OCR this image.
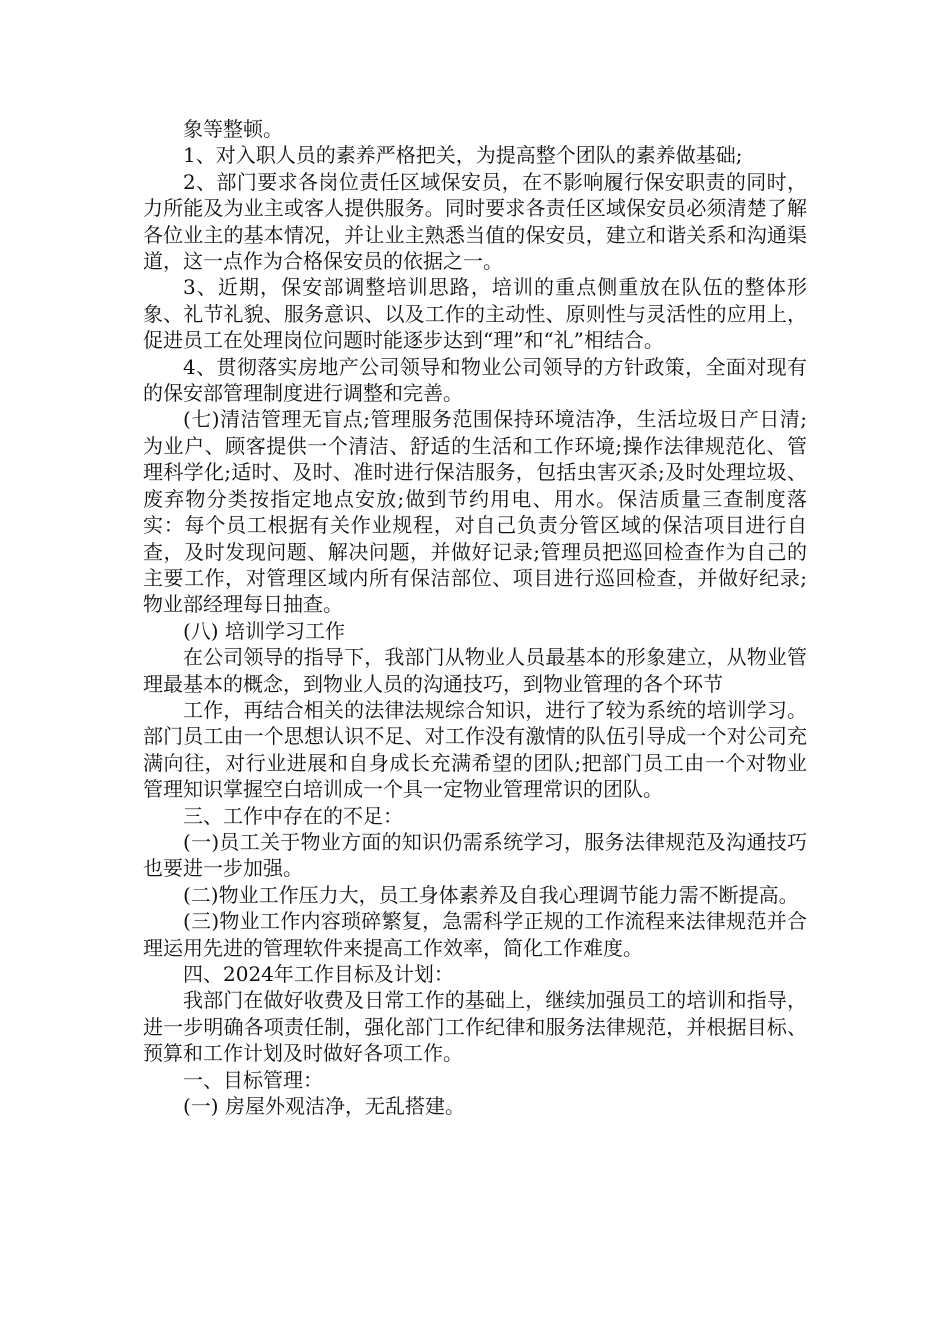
象等整顿。

1、对入职人员的素养严格把关，为提高整个团队的素养做基础;

2、部门要求各岗位责任区域保安员，在不影响履行保安职责的同时，力所能及为业主或客人提供服务。同时要求各责任区域保安员必须清楚了解各位业主的基本情况，并让业主熟悉当值的保安员，建立和谐关系和沟通渠道，这一点作为合格保安员的依据之一。

3、近期，保安部调整培训思路，培训的重点侧重放在队伍的整体形象、礼节礼貌、服务意识、以及工作的主动性、原则性与灵活性的应用上，促进员工在处理岗位问题时能逐步达到“理”和“礼”相结合。

4、贯彻落实房地产公司领导和物业公司领导的方针政策，全面对现有的保安部管理制度进行调整和完善。

(七)清洁管理无盲点;管理服务范围保持环境洁净，生活垃圾日产日清;为业户、顾客提供一个清洁、舒适的生活和工作环境;操作法律规范化、管理科学化;适时、及时、准时进行保洁服务，包括虫害灭杀;及时处理垃圾、废弃物分类按指定地点安放;做到节约用电、用水。保洁质量三查制度落实：每个员工根据有关作业规程，对自己负责分管区域的保洁项目进行自查，及时发现问题、解决问题，并做好记录;管理员把巡回检查作为自己的主要工作，对管理区域内所有保洁部位、项目进行巡回检查，并做好纪录;物业部经理每日抽查。

(八) 培训学习工作

在公司领导的指导下，我部门从物业人员最基本的形象建立，从物业管理最基本的概念，到物业人员的沟通技巧，到物业管理的各个环节

工作，再结合相关的法律法规综合知识，进行了较为系统的培训学习。部门员工由一个思想认识不足、对工作没有激情的队伍引导成一个对公司充满向往，对行业进展和自身成长充满希望的团队;把部门员工由一个对物业管理知识掌握空白培训成一个具一定物业管理常识的团队。

三、工作中存在的不足：

(一)员工关于物业方面的知识仍需系统学习，服务法律规范及沟通技巧也要进一步加强。

(二)物业工作压力大，员工身体素养及自我心理调节能力需不断提高。

(三)物业工作内容琐碎繁复，急需科学正规的工作流程来法律规范并合理运用先进的管理软件来提高工作效率，简化工作难度。

四、2024年工作目标及计划：

我部门在做好收费及日常工作的基础上，继续加强员工的培训和指导，进一步明确各项责任制，强化部门工作纪律和服务法律规范，并根据目标、预算和工作计划及时做好各项工作。

一、目标管理：

(一) 房屋外观洁净，无乱搭建。
